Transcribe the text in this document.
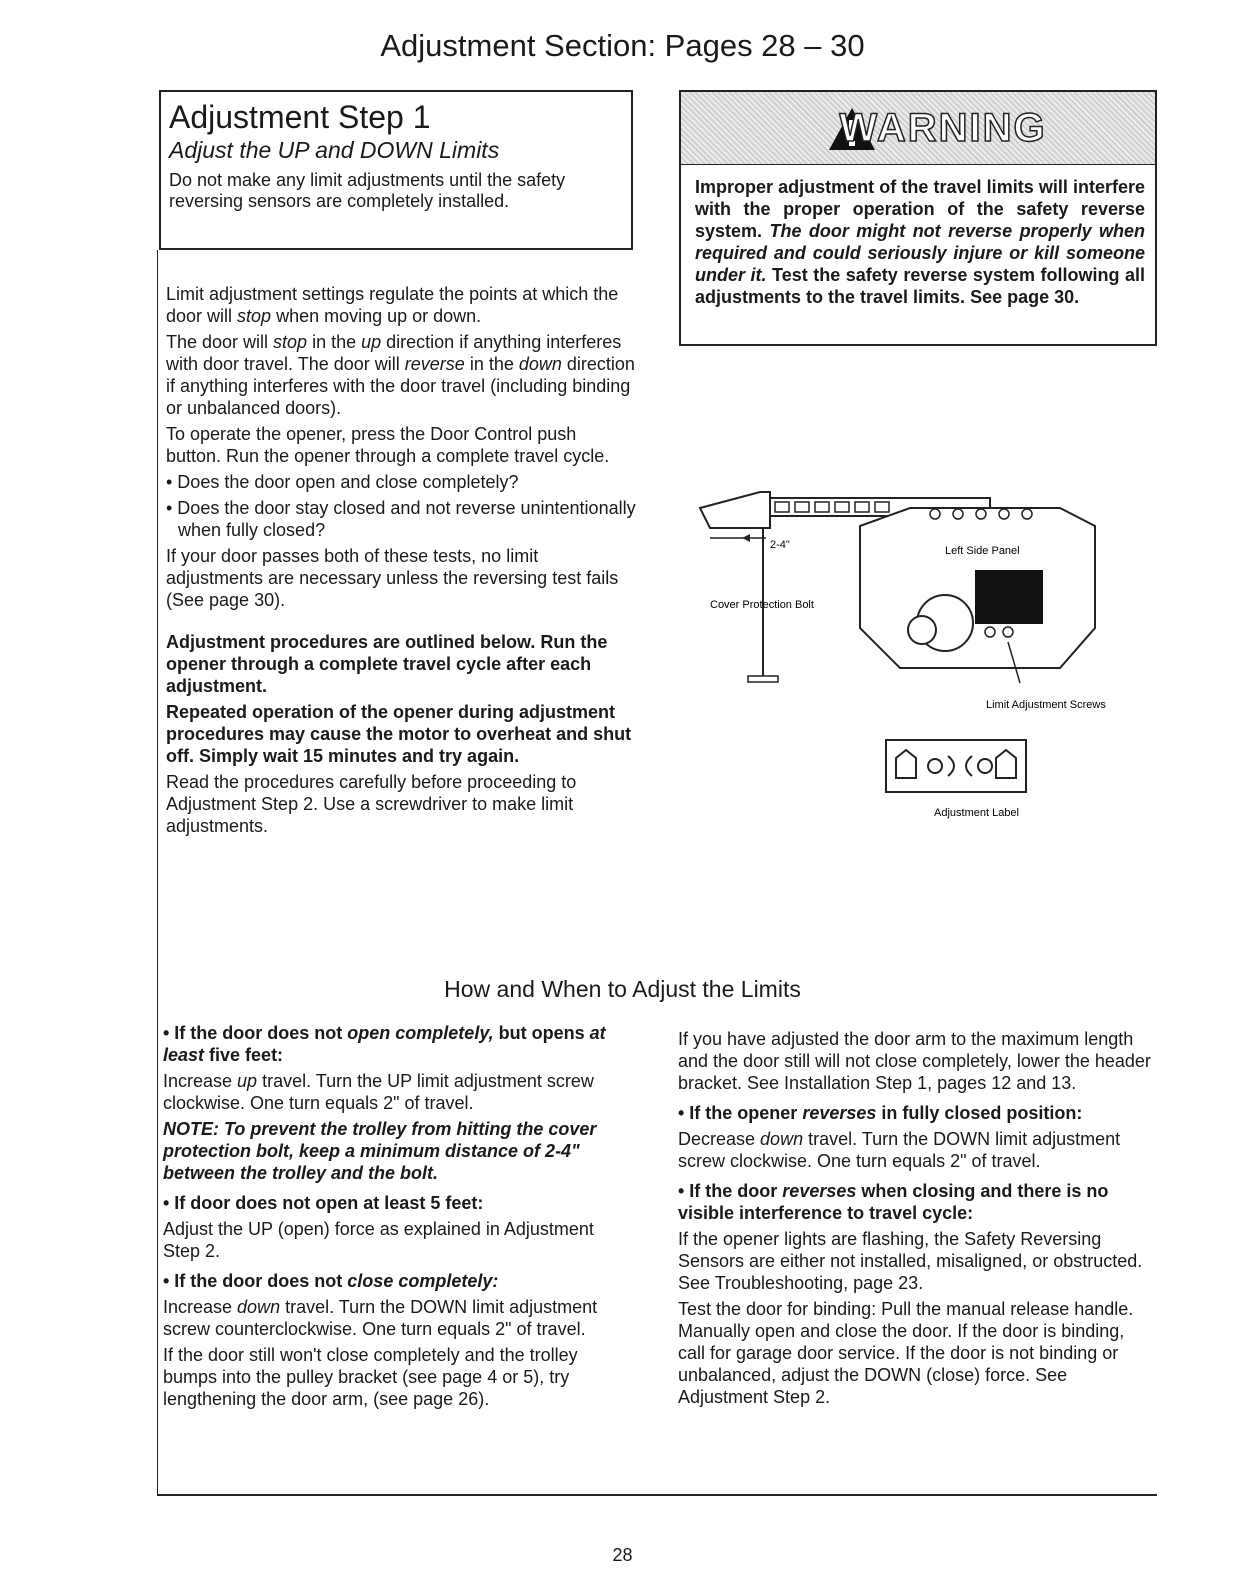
Adjustment Section: Pages 28 – 30

Adjustment Step 1

Adjust the UP and DOWN Limits

Do not make any limit adjustments until the safety reversing sensors are completely installed.

WARNING
Improper adjustment of the travel limits will interfere with the proper operation of the safety reverse system. The door might not reverse properly when required and could seriously injure or kill someone under it. Test the safety reverse system following all adjustments to the travel limits. See page 30.

Limit adjustment settings regulate the points at which the door will stop when moving up or down.

The door will stop in the up direction if anything interferes with door travel. The door will reverse in the down direction if anything interferes with the door travel (including binding or unbalanced doors).

To operate the opener, press the Door Control push button. Run the opener through a complete travel cycle.

• Does the door open and close completely?

• Does the door stay closed and not reverse unintentionally when fully closed?

If your door passes both of these tests, no limit adjustments are necessary unless the reversing test fails (See page 30).

Adjustment procedures are outlined below. Run the opener through a complete travel cycle after each adjustment.

Repeated operation of the opener during adjustment procedures may cause the motor to overheat and shut off. Simply wait 15 minutes and try again.

Read the procedures carefully before proceeding to Adjustment Step 2. Use a screwdriver to make limit adjustments.

2-4"	Left Side Panel
Cover Protection Bolt
Limit Adjustment Screws
Adjustment Label
How and When to Adjust the Limits

• If the door does not open completely, but opens at least five feet:

Increase up travel. Turn the UP limit adjustment screw clockwise. One turn equals 2" of travel.

NOTE: To prevent the trolley from hitting the cover protection bolt, keep a minimum distance of 2-4" between the trolley and the bolt.

• If door does not open at least 5 feet:

Adjust the UP (open) force as explained in Adjustment Step 2.

• If the door does not close completely:

Increase down travel. Turn the DOWN limit adjustment screw counterclockwise. One turn equals 2" of travel.

If the door still won't close completely and the trolley bumps into the pulley bracket (see page 4 or 5), try lengthening the door arm, (see page 26).

If you have adjusted the door arm to the maximum length and the door still will not close completely, lower the header bracket. See Installation Step 1, pages 12 and 13.

• If the opener reverses in fully closed position:

Decrease down travel. Turn the DOWN limit adjustment screw clockwise. One turn equals 2" of travel.

• If the door reverses when closing and there is no visible interference to travel cycle:

If the opener lights are flashing, the Safety Reversing Sensors are either not installed, misaligned, or obstructed. See Troubleshooting, page 23.

Test the door for binding: Pull the manual release handle. Manually open and close the door. If the door is binding, call for garage door service. If the door is not binding or unbalanced, adjust the DOWN (close) force. See Adjustment Step 2.

28
